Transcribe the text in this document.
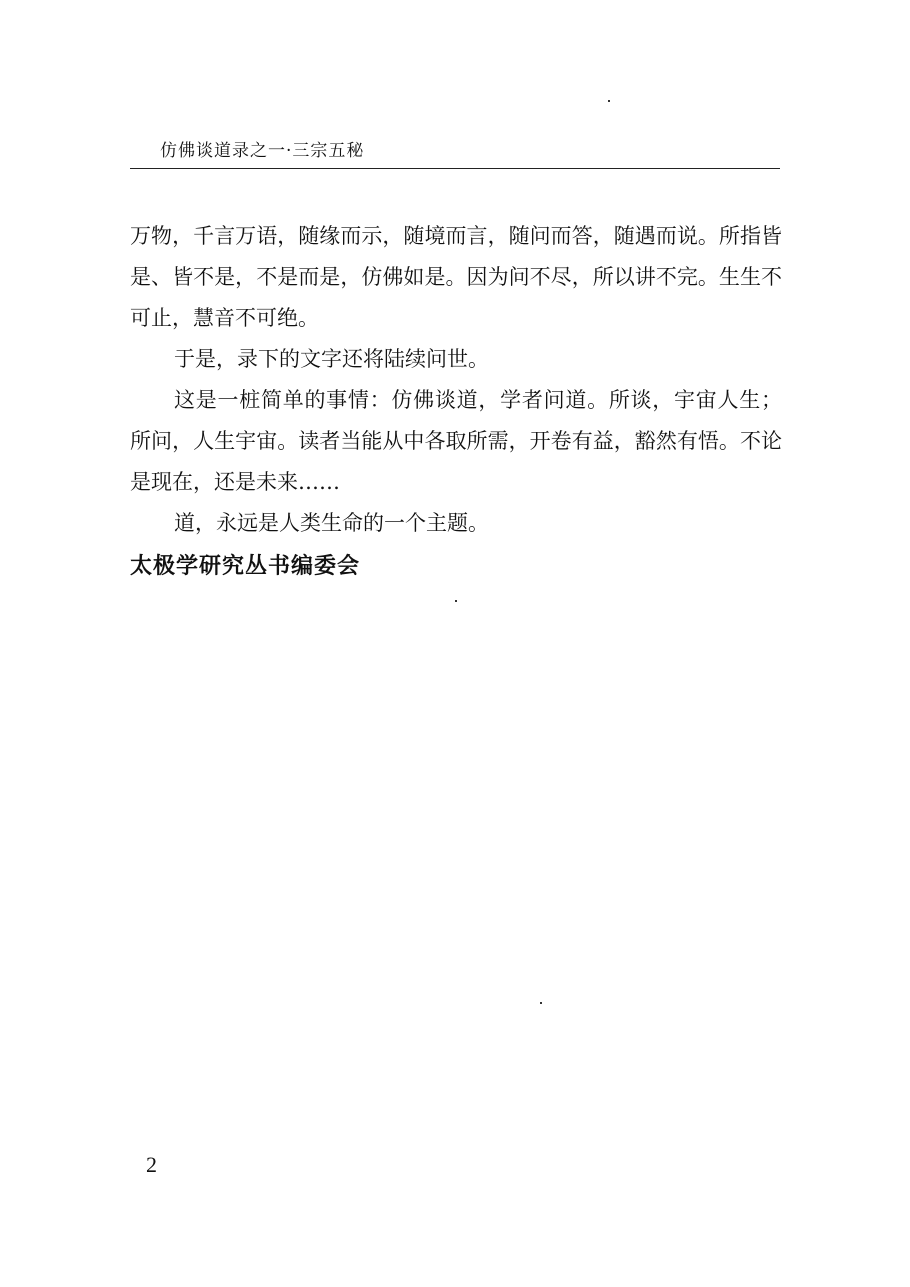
仿佛谈道录之一·三宗五秘

万物，千言万语，随缘而示，随境而言，随问而答，随遇而说。所指皆是、皆不是，不是而是，仿佛如是。因为问不尽，所以讲不完。生生不可止，慧音不可绝。

于是，录下的文字还将陆续问世。

这是一桩简单的事情：仿佛谈道，学者问道。所谈，宇宙人生；所问，人生宇宙。读者当能从中各取所需，开卷有益，豁然有悟。不论是现在，还是未来……

道，永远是人类生命的一个主题。

太极学研究丛书编委会
2
